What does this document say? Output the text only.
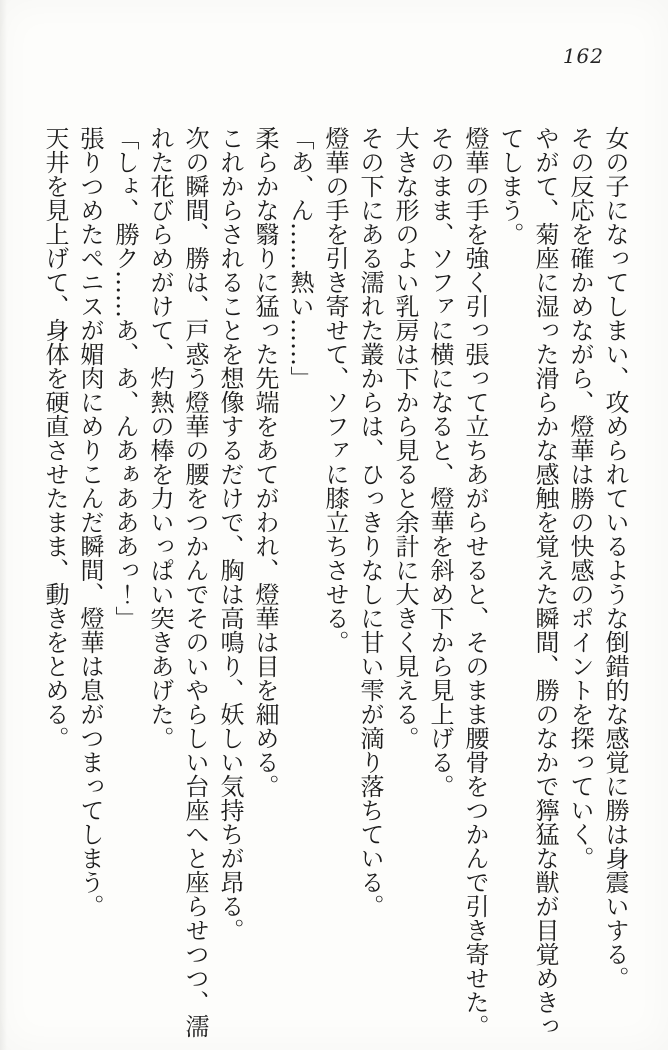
162

女の子になってしまい、攻められているような倒錯的な感覚に勝は身震いする。

その反応を確かめながら、燈華は勝の快感のポイントを探っていく。

やがて、菊座に湿った滑らかな感触を覚えた瞬間、勝のなかで獰猛な獣が目覚めきってしまう。

燈華の手を強く引っ張って立ちあがらせると、そのまま腰骨をつかんで引き寄せた。

そのまま、ソファに横になると、燈華を斜め下から見上げる。

大きな形のよい乳房は下から見ると余計に大きく見える。

その下にある濡れた叢からは、ひっきりなしに甘い雫が滴り落ちている。

燈華の手を引き寄せて、ソファに膝立ちさせる。

「あ、ん……熱い……」

柔らかな翳りに猛った先端をあてがわれ、燈華は目を細める。

これからされることを想像するだけで、胸は高鳴り、妖しい気持ちが昂る。

次の瞬間、勝は、戸惑う燈華の腰をつかんでそのいやらしい台座へと座らせつつ、濡れた花びらめがけて、灼熱の棒を力いっぱい突きあげた。

「しょ、勝ク……あ、あ、んあぁあああっ！」

張りつめたペニスが媚肉にめりこんだ瞬間、燈華は息がつまってしまう。

天井を見上げて、身体を硬直させたまま、動きをとめる。
